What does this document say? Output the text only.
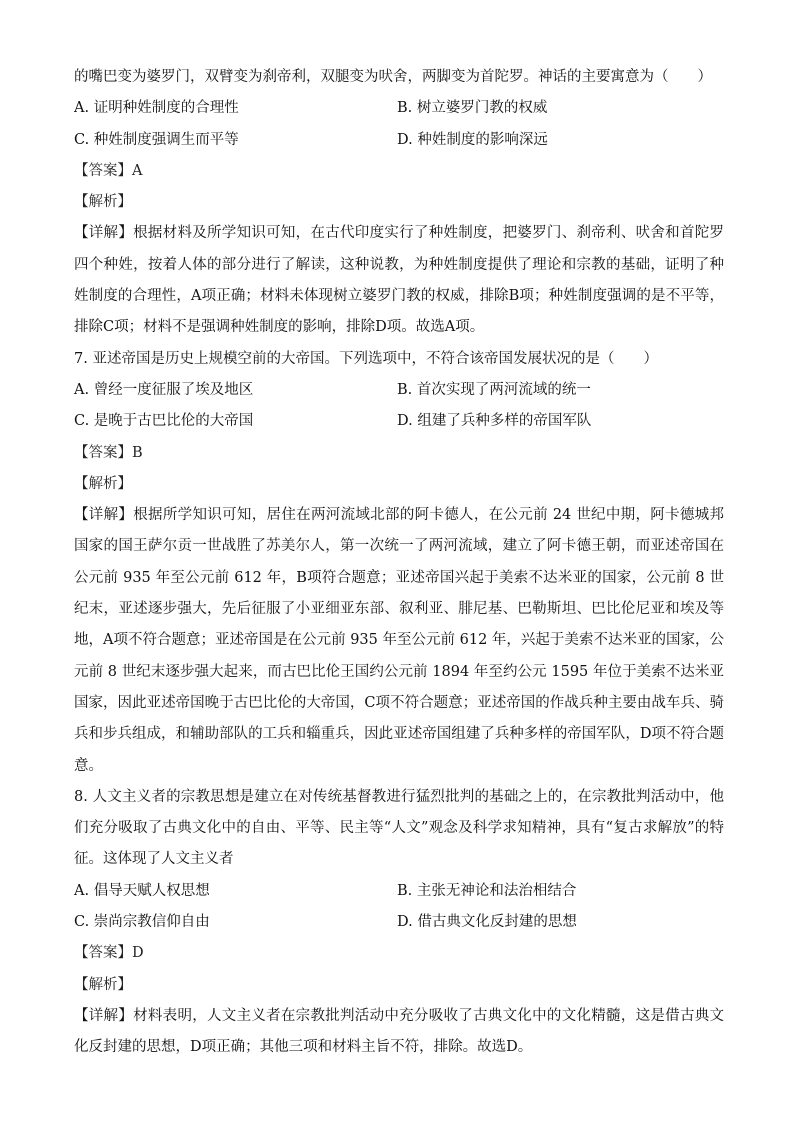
的嘴巴变为婆罗门，双臂变为刹帝利，双腿变为吠舍，两脚变为首陀罗。神话的主要寓意为（　　）
A. 证明种姓制度的合理性	B. 树立婆罗门教的权威
C. 种姓制度强调生而平等	D. 种姓制度的影响深远
【答案】A
【解析】
【详解】根据材料及所学知识可知，在古代印度实行了种姓制度，把婆罗门、刹帝利、吠舍和首陀罗四个种姓，按着人体的部分进行了解读，这种说教，为种姓制度提供了理论和宗教的基础，证明了种姓制度的合理性，A项正确；材料未体现树立婆罗门教的权威，排除B项；种姓制度强调的是不平等，排除C项；材料不是强调种姓制度的影响，排除D项。故选A项。
7. 亚述帝国是历史上规模空前的大帝国。下列选项中，不符合该帝国发展状况的是（　　）
A. 曾经一度征服了埃及地区	B. 首次实现了两河流域的统一
C. 是晚于古巴比伦的大帝国	D. 组建了兵种多样的帝国军队
【答案】B
【解析】
【详解】根据所学知识可知，居住在两河流域北部的阿卡德人，在公元前 24 世纪中期，阿卡德城邦国家的国王萨尔贡一世战胜了苏美尔人，第一次统一了两河流域，建立了阿卡德王朝，而亚述帝国在公元前 935 年至公元前 612 年，B项符合题意；亚述帝国兴起于美索不达米亚的国家，公元前 8 世纪末，亚述逐步强大，先后征服了小亚细亚东部、叙利亚、腓尼基、巴勒斯坦、巴比伦尼亚和埃及等地，A项不符合题意；亚述帝国是在公元前 935 年至公元前 612 年，兴起于美索不达米亚的国家，公元前 8 世纪末逐步强大起来，而古巴比伦王国约公元前 1894 年至约公元 1595 年位于美索不达米亚国家，因此亚述帝国晚于古巴比伦的大帝国，C项不符合题意；亚述帝国的作战兵种主要由战车兵、骑兵和步兵组成，和辅助部队的工兵和辎重兵，因此亚述帝国组建了兵种多样的帝国军队，D项不符合题意。
8. 人文主义者的宗教思想是建立在对传统基督教进行猛烈批判的基础之上的，在宗教批判活动中，他们充分吸取了古典文化中的自由、平等、民主等“人文”观念及科学求知精神，具有“复古求解放”的特征。这体现了人文主义者
A. 倡导天赋人权思想	B. 主张无神论和法治相结合
C. 崇尚宗教信仰自由	D. 借古典文化反封建的思想
【答案】D
【解析】
【详解】材料表明，人文主义者在宗教批判活动中充分吸收了古典文化中的文化精髓，这是借古典文化反封建的思想，D项正确；其他三项和材料主旨不符，排除。故选D。
